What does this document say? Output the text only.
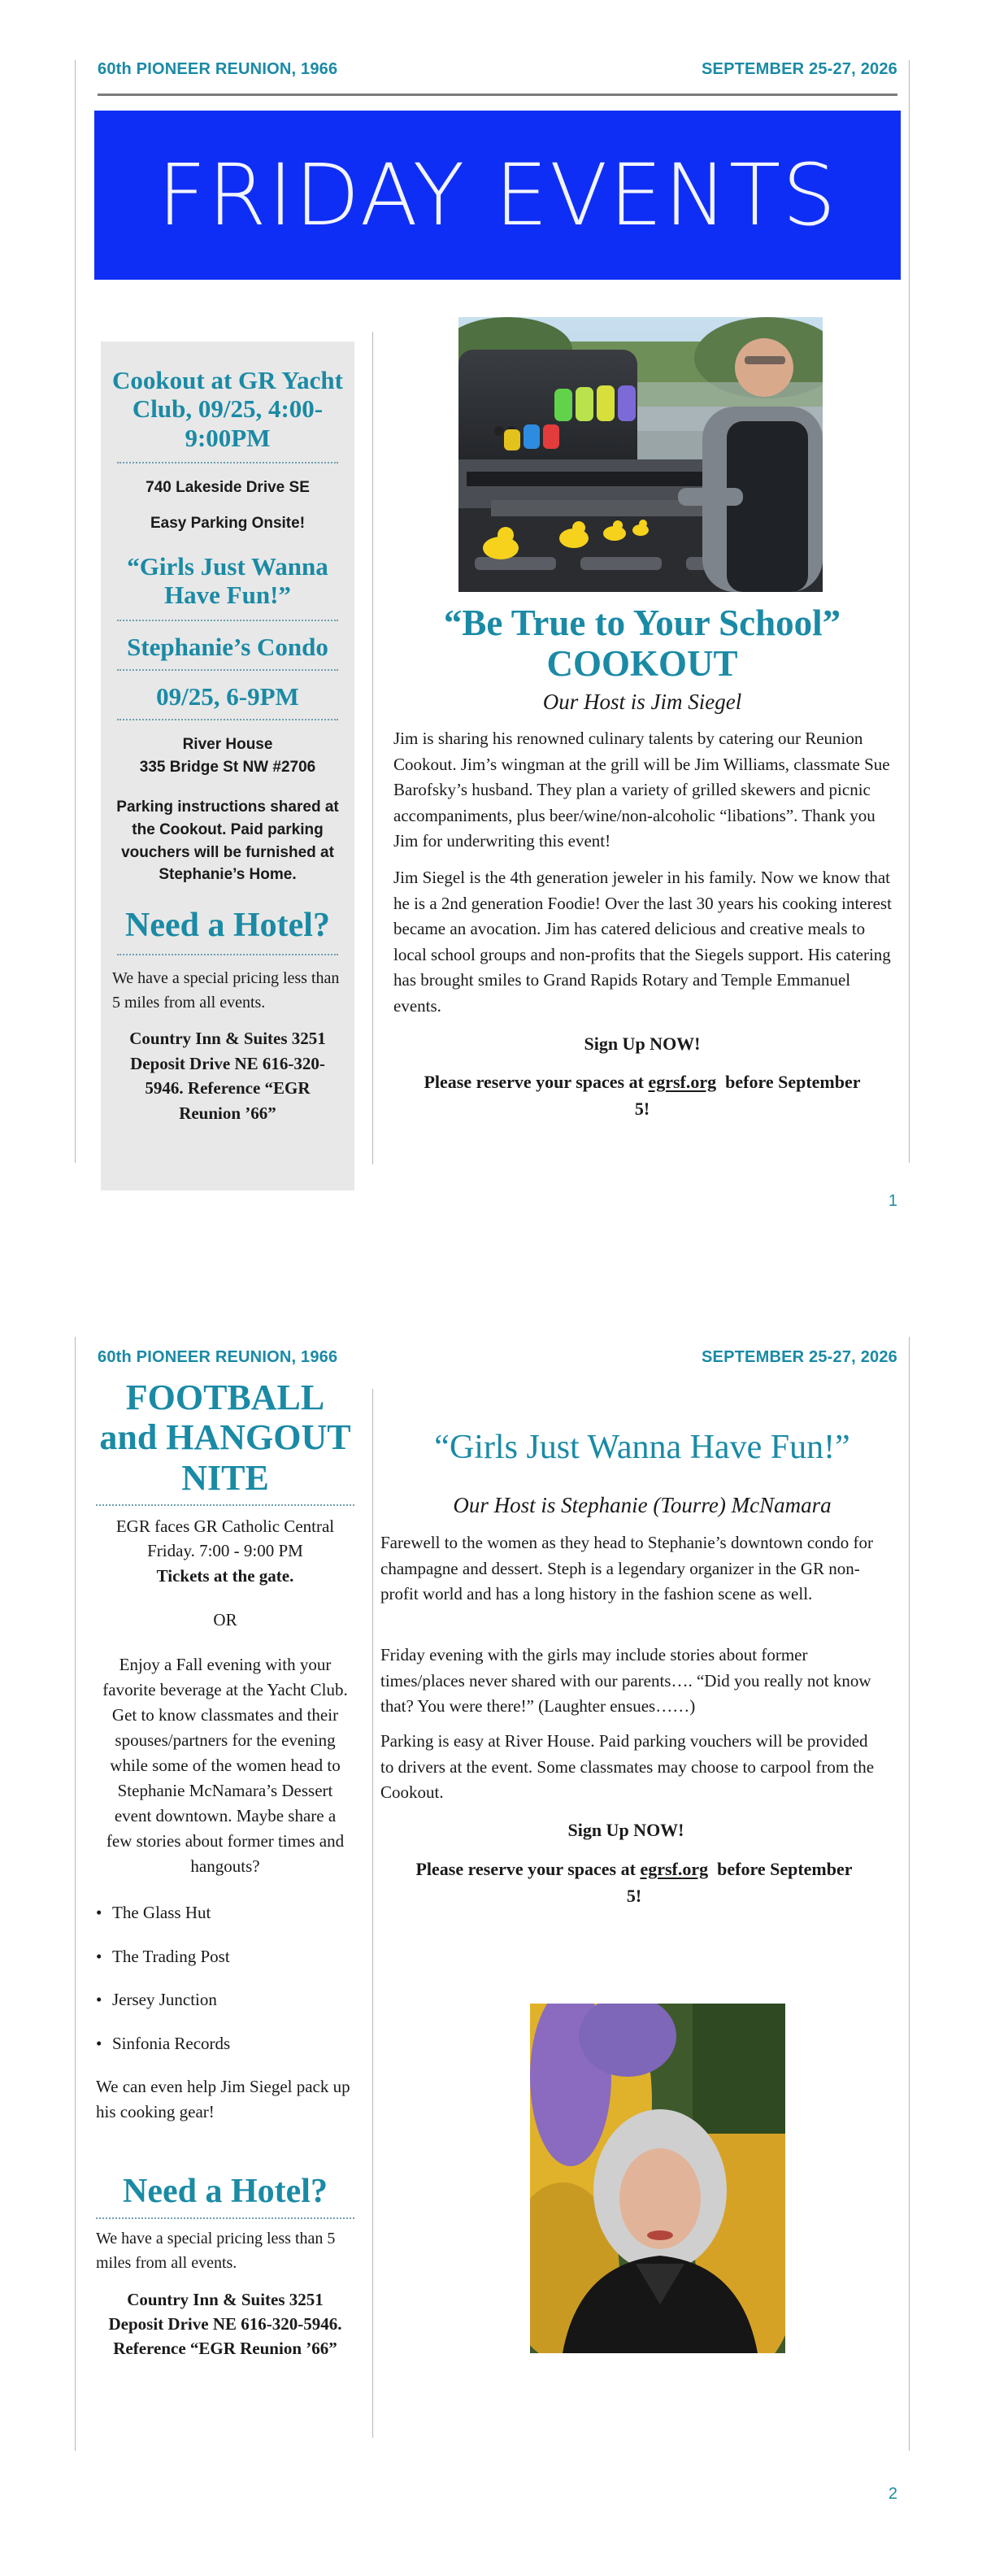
60th PIONEER REUNION, 1966	SEPTEMBER 25-27, 2026
FRIDAY EVENTS
Cookout at GR Yacht Club, 09/25, 4:00-9:00PM
740 Lakeside Drive SE
Easy Parking Onsite!
“Girls Just Wanna Have Fun!”
Stephanie’s Condo
09/25, 6-9PM
River House
335 Bridge St NW #2706
Parking instructions shared at the Cookout. Paid parking vouchers will be furnished at Stephanie’s Home.
Need a Hotel?
We have a special pricing less than 5 miles from all events.
Country Inn & Suites 3251 Deposit Drive NE 616-320-5946. Reference “EGR Reunion ’66”
“Be True to Your School”
COOKOUT
Our Host is Jim Siegel

Jim is sharing his renowned culinary talents by catering our Reunion Cookout. Jim’s wingman at the grill will be Jim Williams, classmate Sue Barofsky’s husband. They plan a variety of grilled skewers and picnic accompaniments, plus beer/wine/non-alcoholic “libations”. Thank you Jim for underwriting this event!

Jim Siegel is the 4th generation jeweler in his family. Now we know that he is a 2nd generation Foodie! Over the last 30 years his cooking interest became an avocation. Jim has catered delicious and creative meals to local school groups and non-profits that the Siegels support. His catering has brought smiles to Grand Rapids Rotary and Temple Emmanuel events.

Sign Up NOW!
Please reserve your spaces at egrsf.org before September 5!
1
60th PIONEER REUNION, 1966	SEPTEMBER 25-27, 2026
FOOTBALL and HANGOUT NITE
EGR faces GR Catholic Central Friday. 7:00 - 9:00 PM
Tickets at the gate.
OR
Enjoy a Fall evening with your favorite beverage at the Yacht Club. Get to know classmates and their spouses/partners for the evening while some of the women head to Stephanie McNamara’s Dessert event downtown. Maybe share a few stories about former times and hangouts?
• The Glass Hut
• The Trading Post
• Jersey Junction
• Sinfonia Records
We can even help Jim Siegel pack up his cooking gear!
Need a Hotel?
We have a special pricing less than 5 miles from all events.
Country Inn & Suites 3251 Deposit Drive NE 616-320-5946. Reference “EGR Reunion ’66”
“Girls Just Wanna Have Fun!”
Our Host is Stephanie (Tourre) McNamara

Farewell to the women as they head to Stephanie’s downtown condo for champagne and dessert. Steph is a legendary organizer in the GR non-profit world and has a long history in the fashion scene as well.

Friday evening with the girls may include stories about former times/places never shared with our parents…. “Did you really not know that? You were there!” (Laughter ensues……)

Parking is easy at River House. Paid parking vouchers will be provided to drivers at the event. Some classmates may choose to carpool from the Cookout.

Sign Up NOW!
Please reserve your spaces at egrsf.org before September 5!
2
